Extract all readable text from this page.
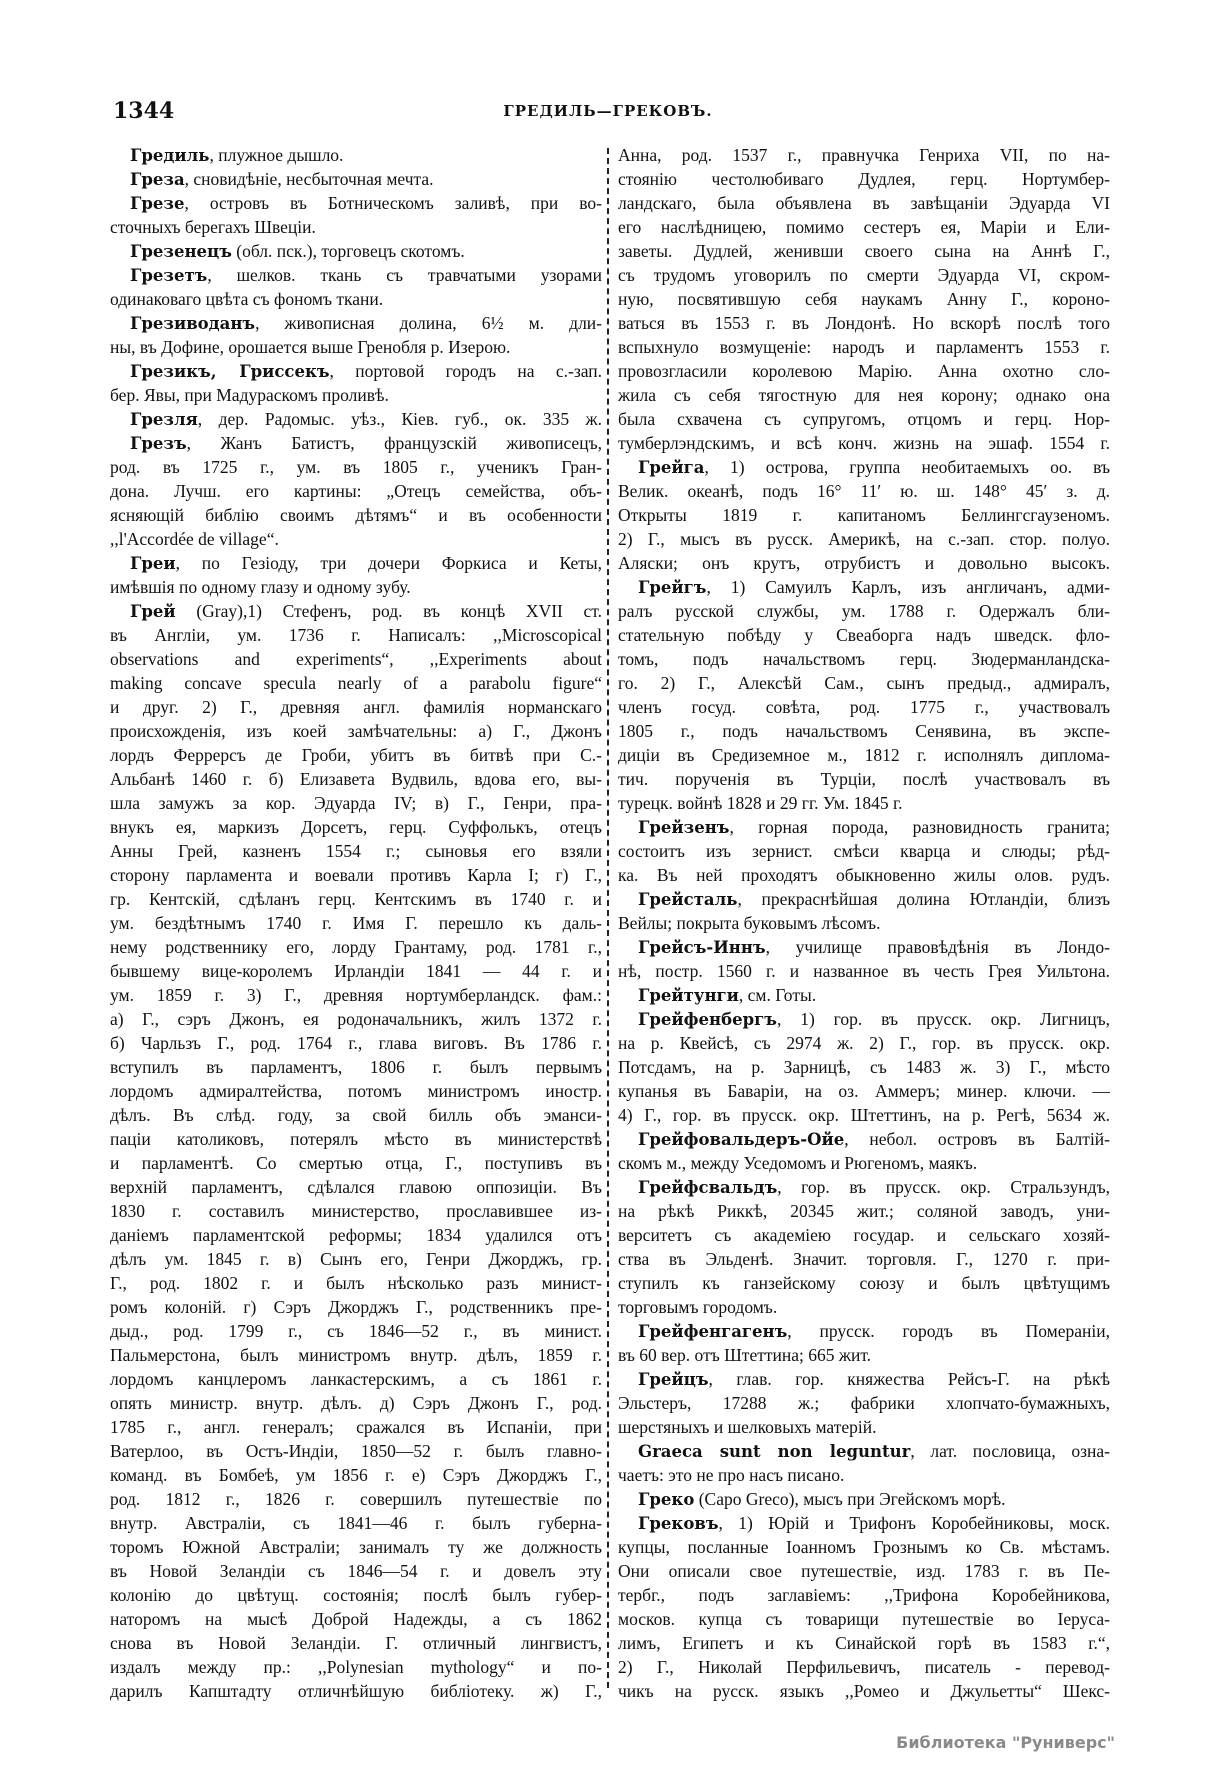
1344	ГРЕДИЛЬ—ГРЕКОВЪ.
Гредиль, плужное дышло.
Греза, сновидѣніе, несбыточная мечта.
Грезе, островъ въ Ботническомъ заливѣ, при во-
сточныхъ берегахъ Швеціи.
Грезенецъ (обл. пск.), торговецъ скотомъ.
Грезетъ, шелков. ткань съ травчатыми узорами
одинаковаго цвѣта съ фономъ ткани.
Грезиводанъ, живописная долина, 6½ м. дли-
ны, въ Дофине, орошается выше Гренобля р. Изерою.
Грезикъ, Гриссекъ, портовой городъ на с.-зап.
бер. Явы, при Мадураскомъ проливѣ.
Грезля, дер. Радомыс. уѣз., Кіев. губ., ок. 335 ж.
Грезъ, Жанъ Батистъ, французскій живописецъ,
род. въ 1725 г., ум. въ 1805 г., ученикъ Гран-
дона. Лучш. его картины: „Отецъ семейства, объ-
ясняющій библію своимъ дѣтямъ“ и въ особенности
,,l'Accordée de village“.
Греи, по Гезіоду, три дочери Форкиса и Кеты,
имѣвшія по одному глазу и одному зубу.
Грей (Gray),1) Стефенъ, род. въ концѣ XVII ст.
въ Англіи, ум. 1736 г. Написалъ: ,,Microscopical
observations and experiments“, ,,Experiments about
making concave specula nearly of a parabolu figure“
и друг. 2) Г., древняя англ. фамилія норманскаго
происхожденія, изъ коей замѣчательны: а) Г., Джонъ
лордъ Феррерсъ де Гроби, убитъ въ битвѣ при С.-
Альбанѣ 1460 г. б) Елизавета Вудвиль, вдова его, вы-
шла замужъ за кор. Эдуарда IV; в) Г., Генри, пра-
внукъ ея, маркизъ Дорсетъ, герц. Суффолькъ, отецъ
Анны Грей, казненъ 1554 г.; сыновья его взяли
сторону парламента и воевали противъ Карла I; г) Г.,
гр. Кентскій, сдѣланъ герц. Кентскимъ въ 1740 г. и
ум. бездѣтнымъ 1740 г. Имя Г. перешло къ даль-
нему родственнику его, лорду Грантаму, род. 1781 г.,
бывшему вице-королемъ Ирландіи 1841 — 44 г. и
ум. 1859 г. 3) Г., древняя нортумберландск. фам.:
а) Г., сэръ Джонъ, ея родоначальникъ, жилъ 1372 г.
б) Чарльзъ Г., род. 1764 г., глава виговъ. Въ 1786 г.
вступилъ въ парламентъ, 1806 г. былъ первымъ
лордомъ адмиралтейства, потомъ министромъ иностр.
дѣлъ. Въ слѣд. году, за свой билль объ эманси-
паціи католиковъ, потерялъ мѣсто въ министерствѣ
и парламентѣ. Со смертью отца, Г., поступивъ въ
верхній парламентъ, сдѣлался главою оппозиціи. Въ
1830 г. составилъ министерство, прославившее из-
даніемъ парламентской реформы; 1834 удалился отъ
дѣлъ ум. 1845 г. в) Сынъ его, Генри Джорджъ, гр.
Г., род. 1802 г. и былъ нѣсколько разъ минист-
ромъ колоній. г) Сэръ Джорджъ Г., родственникъ пре-
дыд., род. 1799 г., съ 1846—52 г., въ минист.
Пальмерстона, былъ министромъ внутр. дѣлъ, 1859 г.
лордомъ канцлеромъ ланкастерскимъ, а съ 1861 г.
опять министр. внутр. дѣлъ. д) Сэръ Джонъ Г., род.
1785 г., англ. генералъ; сражался въ Испаніи, при
Ватерлоо, въ Остъ-Индіи, 1850—52 г. былъ главно-
команд. въ Бомбеѣ, ум 1856 г. е) Сэръ Джорджъ Г.,
род. 1812 г., 1826 г. совершилъ путешествіе по
внутр. Австраліи, съ 1841—46 г. былъ губерна-
торомъ Южной Австраліи; занималъ ту же должность
въ Новой Зеландіи съ 1846—54 г. и довелъ эту
колонію до цвѣтущ. состоянія; послѣ былъ губер-
наторомъ на мысѣ Доброй Надежды, а съ 1862
снова въ Новой Зеландіи. Г. отличный лингвистъ,
издалъ между пр.: ,,Polynesian mythology“ и по-
дарилъ Капштадту отличнѣйшую библіотеку. ж) Г.,
Анна, род. 1537 г., правнучка Генриха VII, по на-
стоянію честолюбиваго Дудлея, герц. Нортумбер-
ландскаго, была объявлена въ завѣщаніи Эдуарда VI
его наслѣдницею, помимо сестеръ ея, Маріи и Ели-
заветы. Дудлей, женивши своего сына на Аннѣ Г.,
съ трудомъ уговорилъ по смерти Эдуарда VI, скром-
ную, посвятившую себя наукамъ Анну Г., короно-
ваться въ 1553 г. въ Лондонѣ. Но вскорѣ послѣ того
вспыхнуло возмущеніе: народъ и парламентъ 1553 г.
провозгласили королевою Марію. Анна охотно сло-
жила съ себя тягостную для нея корону; однако она
была схвачена съ супругомъ, отцомъ и герц. Нор-
тумберлэндскимъ, и всѣ конч. жизнь на эшаф. 1554 г.
Грейга, 1) острова, группа необитаемыхъ оо. въ
Велик. океанѣ, подъ 16° 11′ ю. ш. 148° 45′ з. д.
Открыты 1819 г. капитаномъ Беллингсгаузеномъ.
2) Г., мысъ въ русск. Америкѣ, на с.-зап. стор. полуо.
Аляски; онъ крутъ, отрубистъ и довольно высокъ.
Грейгъ, 1) Самуилъ Карлъ, изъ англичанъ, адми-
ралъ русской службы, ум. 1788 г. Одержалъ бли-
стательную побѣду у Свеаборга надъ шведск. фло-
томъ, подъ начальствомъ герц. Зюдерманландска-
го. 2) Г., Алексѣй Сам., сынъ предыд., адмиралъ,
членъ госуд. совѣта, род. 1775 г., участвовалъ
1805 г., подъ начальствомъ Сенявина, въ экспе-
диціи въ Средиземное м., 1812 г. исполнялъ диплома-
тич. порученія въ Турціи, послѣ участвовалъ въ
турецк. войнѣ 1828 и 29 гг. Ум. 1845 г.
Грейзенъ, горная порода, разновидность гранита;
состоитъ изъ зернист. смѣси кварца и слюды; рѣд-
ка. Въ ней проходятъ обыкновенно жилы олов. рудъ.
Грейсталь, прекраснѣйшая долина Ютландіи, близъ
Вейлы; покрыта буковымъ лѣсомъ.
Грейсъ-Иннъ, училище правовѣдѣнія въ Лондо-
нѣ, постр. 1560 г. и названное въ честь Грея Уильтона.
Грейтунги, см. Готы.
Грейфенбергъ, 1) гор. въ прусск. окр. Лигницъ,
на р. Квейсѣ, съ 2974 ж. 2) Г., гор. въ прусск. окр.
Потсдамъ, на р. Зарницѣ, съ 1483 ж. 3) Г., мѣсто
купанья въ Баваріи, на оз. Аммеръ; минер. ключи. —
4) Г., гор. въ прусск. окр. Штеттинъ, на р. Регѣ, 5634 ж.
Грейфовальдеръ-Ойе, небол. островъ въ Балтій-
скомъ м., между Уседомомъ и Рюгеномъ, маякъ.
Грейфсвальдъ, гор. въ прусск. окр. Стральзундъ,
на рѣкѣ Риккѣ, 20345 жит.; соляной заводъ, уни-
верситетъ съ академіею государ. и сельскаго хозяй-
ства въ Эльденѣ. Значит. торговля. Г., 1270 г. при-
ступилъ къ ганзейскому союзу и былъ цвѣтущимъ
торговымъ городомъ.
Грейфенгагенъ, прусск. городъ въ Помераніи,
въ 60 вер. отъ Штеттина; 665 жит.
Грейцъ, глав. гор. княжества Рейсъ-Г. на рѣкѣ
Эльстеръ, 17288 ж.; фабрики хлопчато-бумажныхъ,
шерстяныхъ и шелковыхъ матерій.
Graeca sunt non leguntur, лат. пословица, озна-
чаетъ: это не про насъ писано.
Греко (Capo Greco), мысъ при Эгейскомъ морѣ.
Грековъ, 1) Юрій и Трифонъ Коробейниковы, моск.
купцы, посланные Іоанномъ Грознымъ ко Св. мѣстамъ.
Они описали свое путешествіе, изд. 1783 г. въ Пе-
тербг., подъ заглавіемъ: ,,Трифона Коробейникова,
москов. купца съ товарищи путешествіе во Іеруса-
лимъ, Египетъ и къ Синайской горѣ въ 1583 г.“,
2) Г., Николай Перфильевичъ, писатель - перевод-
чикъ на русск. языкъ ,,Ромео и Джульетты“ Шекс-
Библиотека "Руниверс"
